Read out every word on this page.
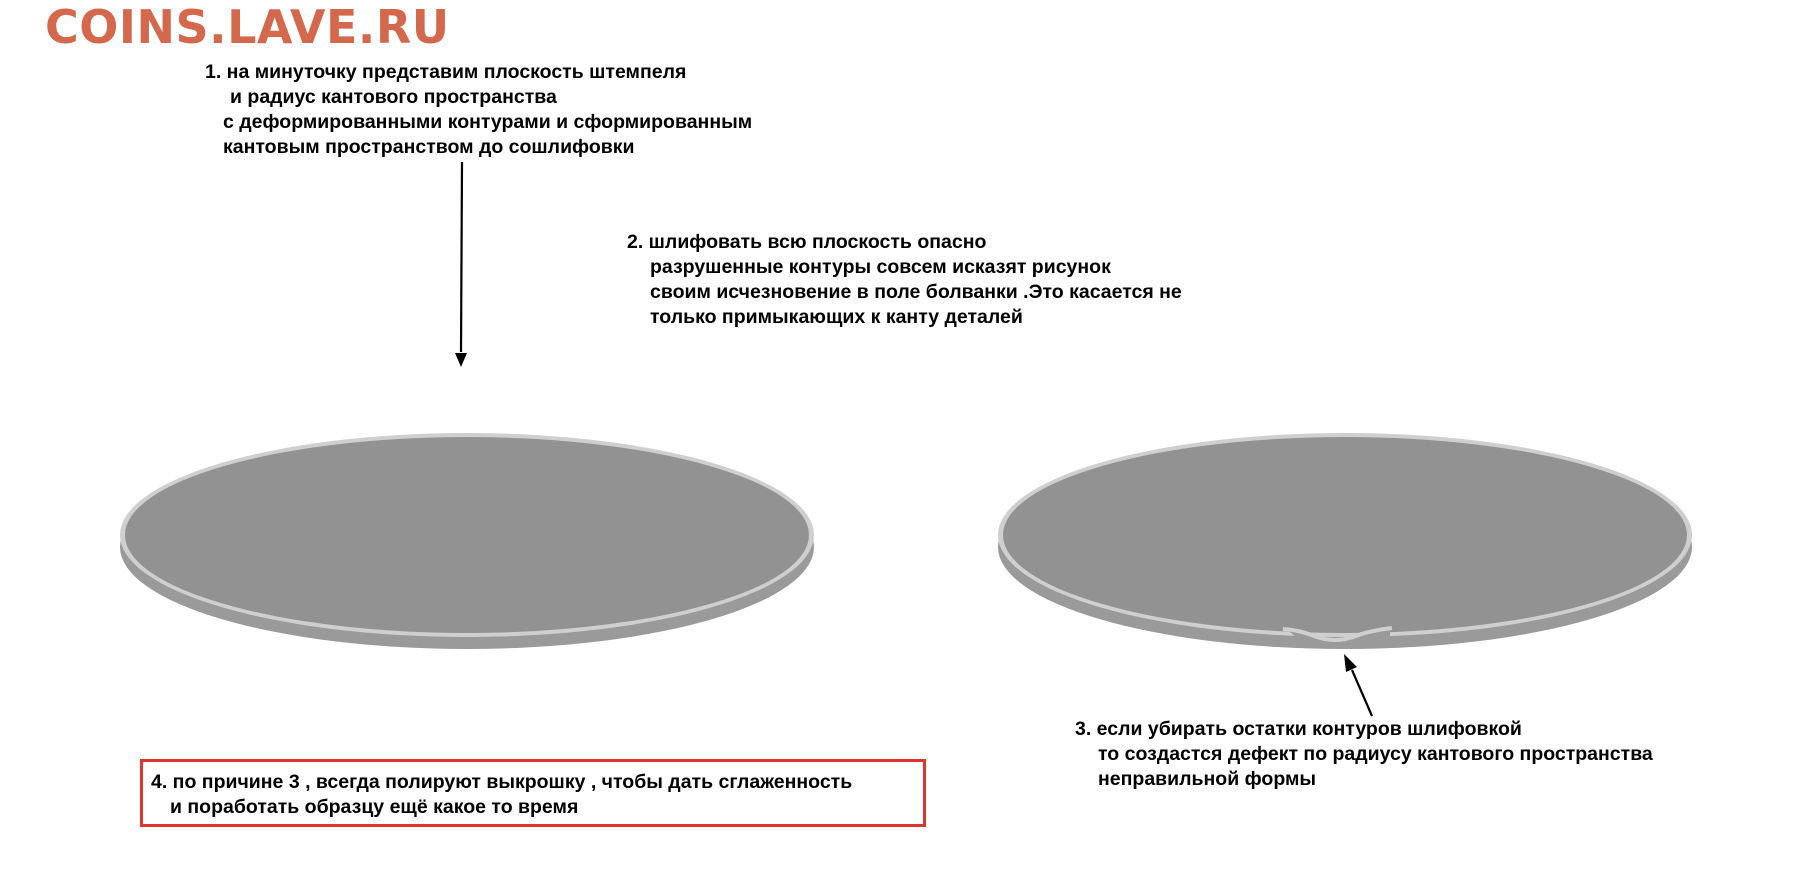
COINS.LAVE.RU
1. на минуточку представим плоскость штемпеля
и радиус кантового пространства
с деформированными контурами и сформированным
кантовым пространством до сошлифовки
2. шлифовать всю плоскость опасно
разрушенные контуры совсем исказят рисунок
своим исчезновение в поле болванки .Это касается не
только примыкающих к канту деталей
3. если убирать остатки контуров шлифовкой
то создастся дефект по радиусу кантового пространства
неправильной формы
4. по причине 3 , всегда полируют выкрошку , чтобы дать сглаженность
и поработать образцу ещё какое то время
